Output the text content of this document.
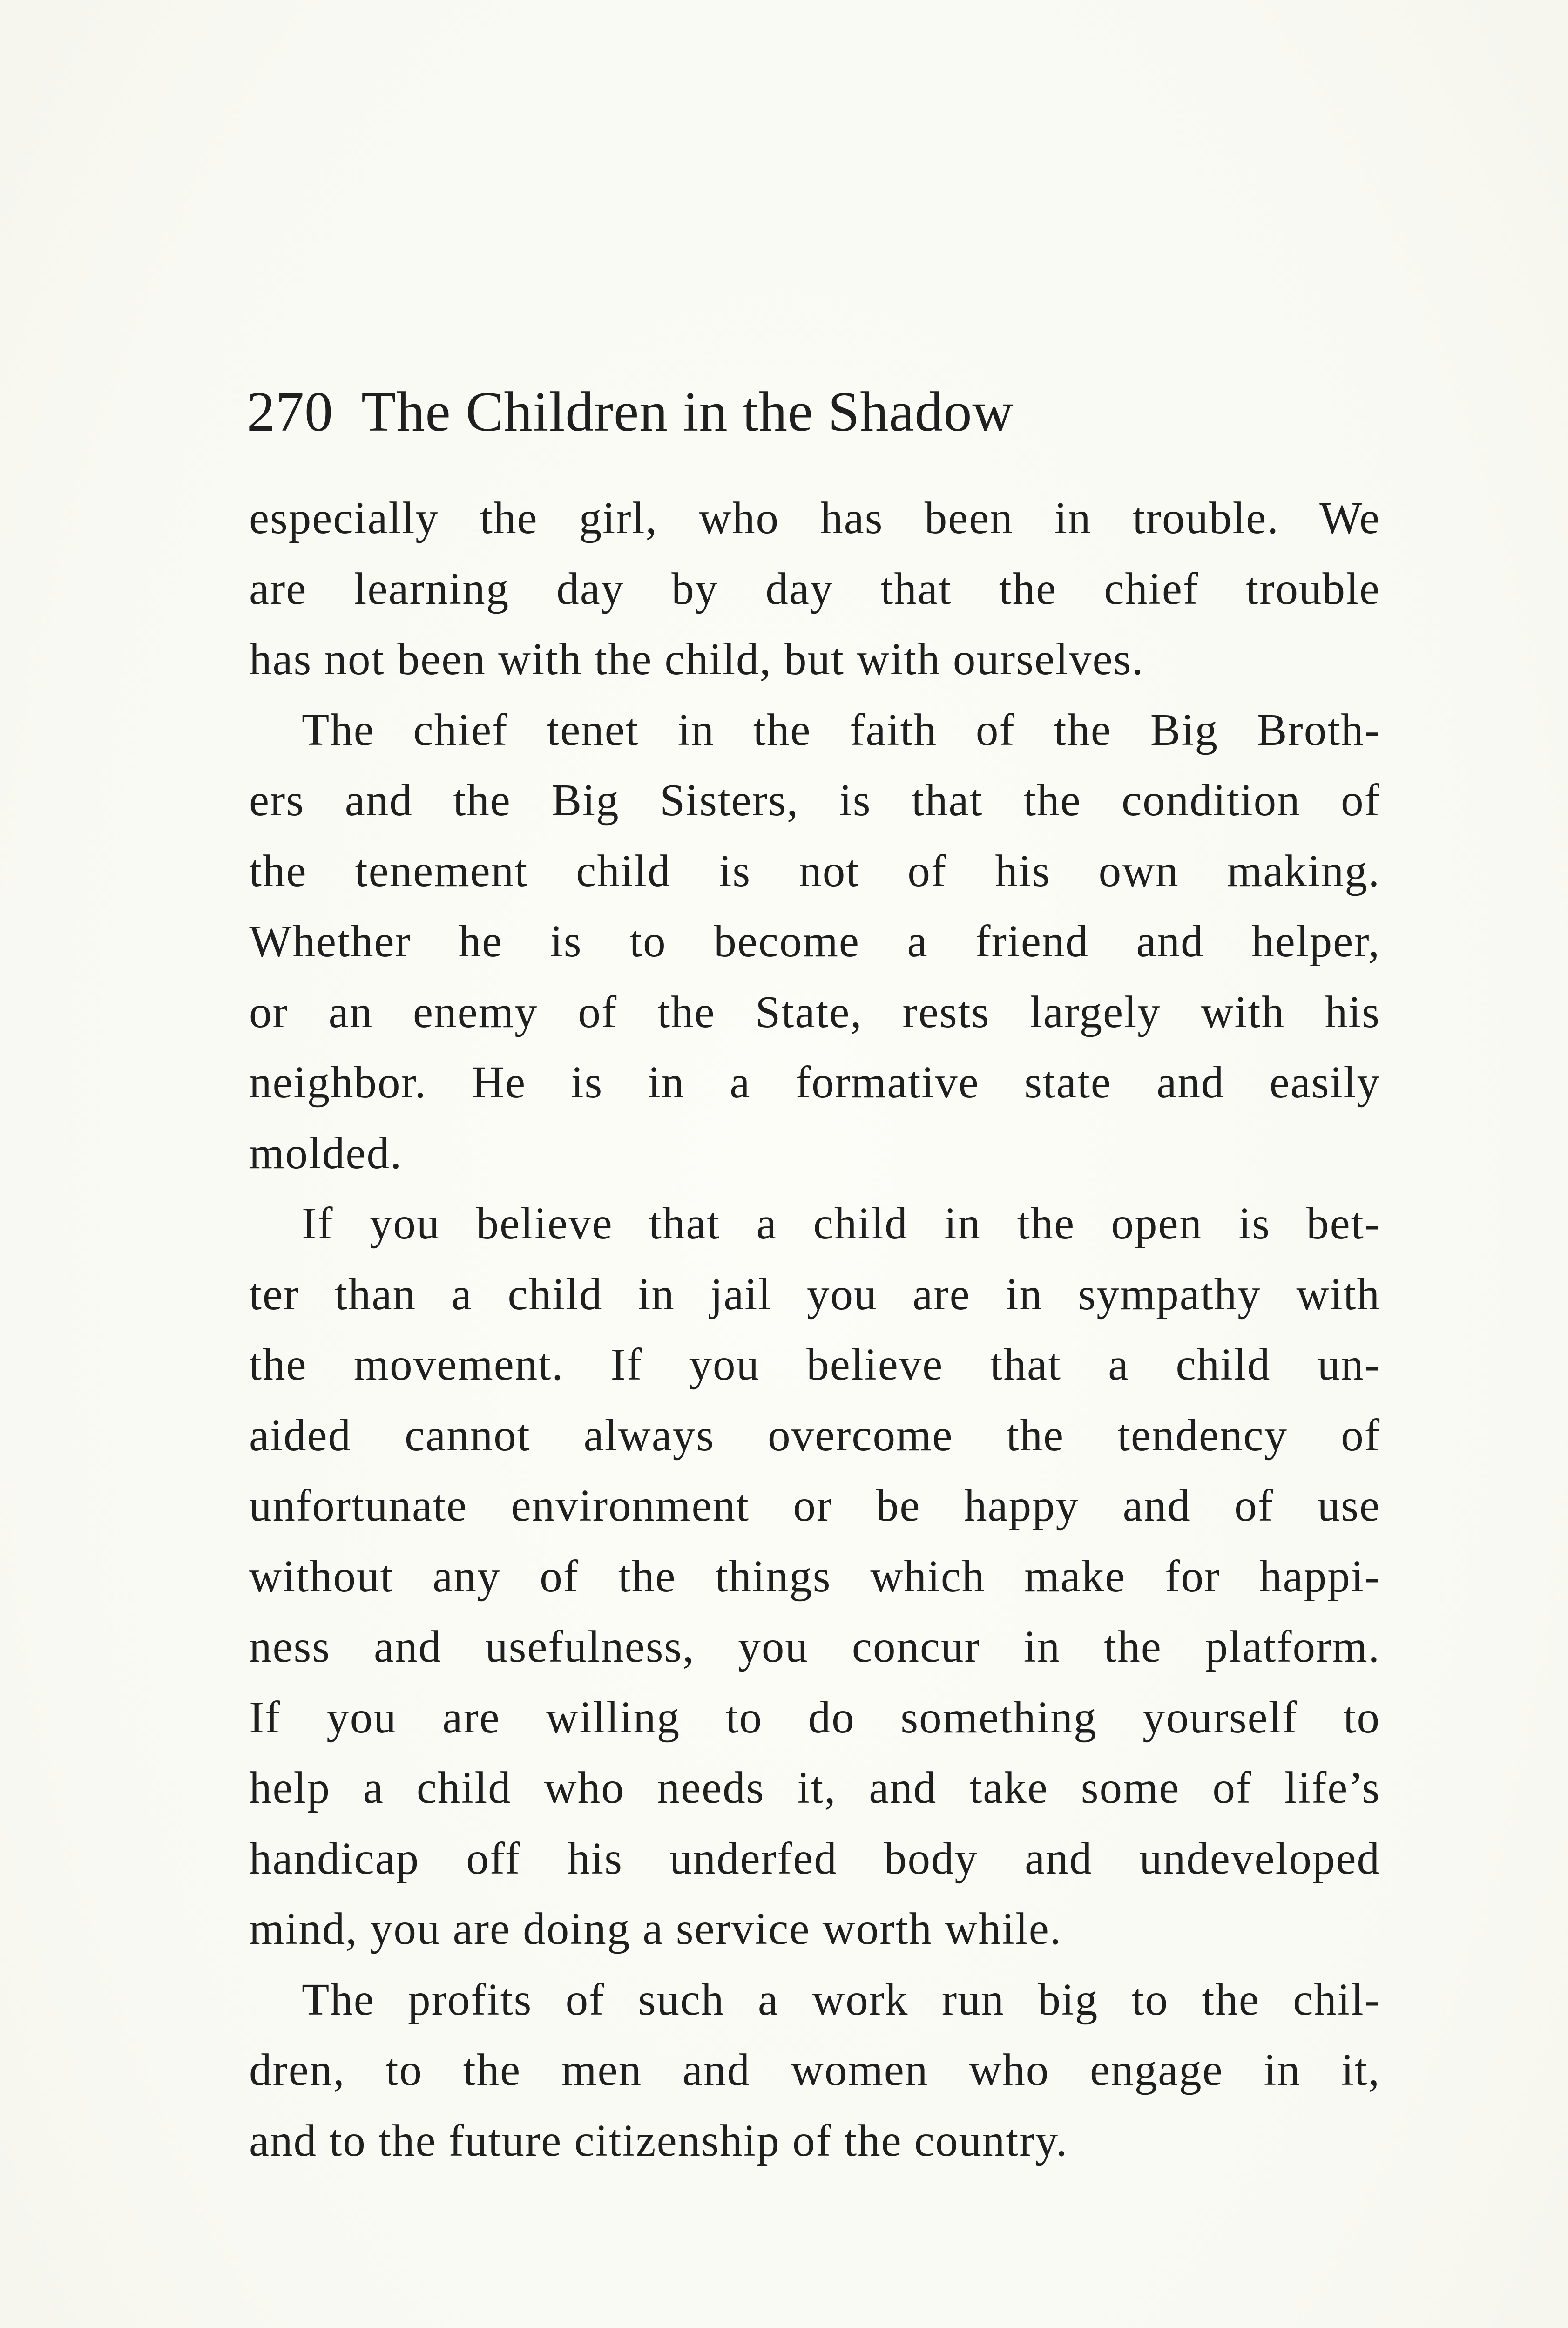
270 The Children in the Shadow

especially the girl, who has been in trouble. We
are learning day by day that the chief trouble
has not been with the child, but with ourselves.

The chief tenet in the faith of the Big Broth-
ers and the Big Sisters, is that the condition of
the tenement child is not of his own making.
Whether he is to become a friend and helper,
or an enemy of the State, rests largely with his
neighbor. He is in a formative state and easily
molded.

If you believe that a child in the open is bet-
ter than a child in jail you are in sympathy with
the movement. If you believe that a child un-
aided cannot always overcome the tendency of
unfortunate environment or be happy and of use
without any of the things which make for happi-
ness and usefulness, you concur in the platform.
If you are willing to do something yourself to
help a child who needs it, and take some of life’s
handicap off his underfed body and undeveloped
mind, you are doing a service worth while.

The profits of such a work run big to the chil-
dren, to the men and women who engage in it,
and to the future citizenship of the country.
